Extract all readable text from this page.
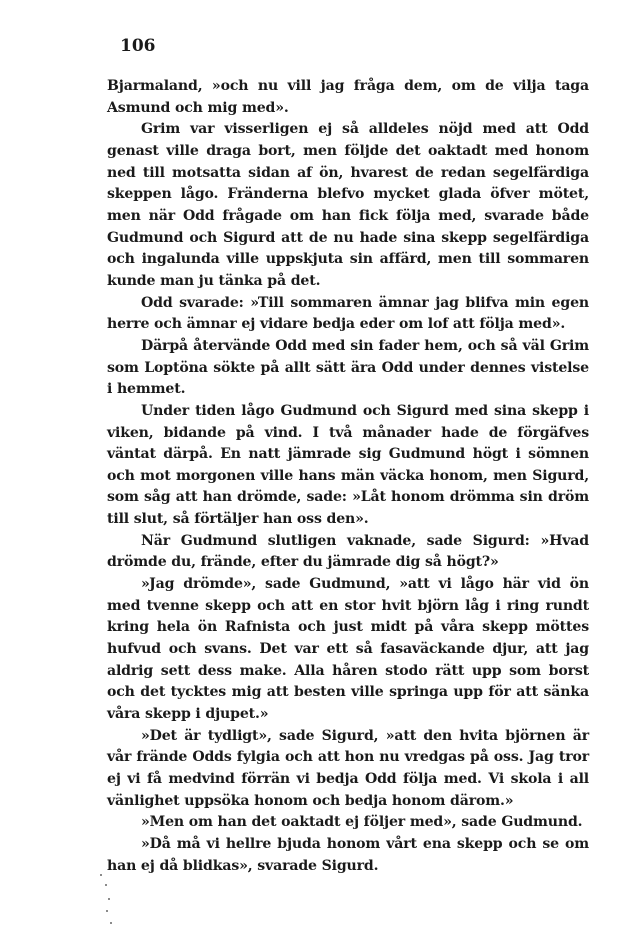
106

Bjarmaland, »och nu vill jag fråga dem, om de vilja taga Asmund och mig med».

Grim var visserligen ej så alldeles nöjd med att Odd genast ville draga bort, men följde det oaktadt med honom ned till motsatta sidan af ön, hvarest de redan segelfärdiga skeppen lågo. Fränderna blefvo mycket glada öfver mötet, men när Odd frågade om han fick följa med, svarade både Gudmund och Sigurd att de nu hade sina skepp segelfärdiga och ingalunda ville uppskjuta sin affärd, men till sommaren kunde man ju tänka på det.

Odd svarade: »Till sommaren ämnar jag blifva min egen herre och ämnar ej vidare bedja eder om lof att följa med».

Därpå återvände Odd med sin fader hem, och så väl Grim som Loptöna sökte på allt sätt ära Odd under dennes vistelse i hemmet.

Under tiden lågo Gudmund och Sigurd med sina skepp i viken, bidande på vind. I två månader hade de förgäfves väntat därpå. En natt jämrade sig Gudmund högt i sömnen och mot morgonen ville hans män väcka honom, men Sigurd, som såg att han drömde, sade: »Låt honom drömma sin dröm till slut, så förtäljer han oss den».

När Gudmund slutligen vaknade, sade Sigurd: »Hvad drömde du, frände, efter du jämrade dig så högt?»

»Jag drömde», sade Gudmund, »att vi lågo här vid ön med tvenne skepp och att en stor hvit björn låg i ring rundt kring hela ön Rafnista och just midt på våra skepp möttes hufvud och svans. Det var ett så fasaväckande djur, att jag aldrig sett dess make. Alla håren stodo rätt upp som borst och det tycktes mig att besten ville springa upp för att sänka våra skepp i djupet.»

»Det är tydligt», sade Sigurd, »att den hvita björnen är vår frände Odds fylgia och att hon nu vredgas på oss. Jag tror ej vi få medvind förrän vi bedja Odd följa med. Vi skola i all vänlighet uppsöka honom och bedja honom därom.»

»Men om han det oaktadt ej följer med», sade Gudmund.

»Då må vi hellre bjuda honom vårt ena skepp och se om han ej då blidkas», svarade Sigurd.
